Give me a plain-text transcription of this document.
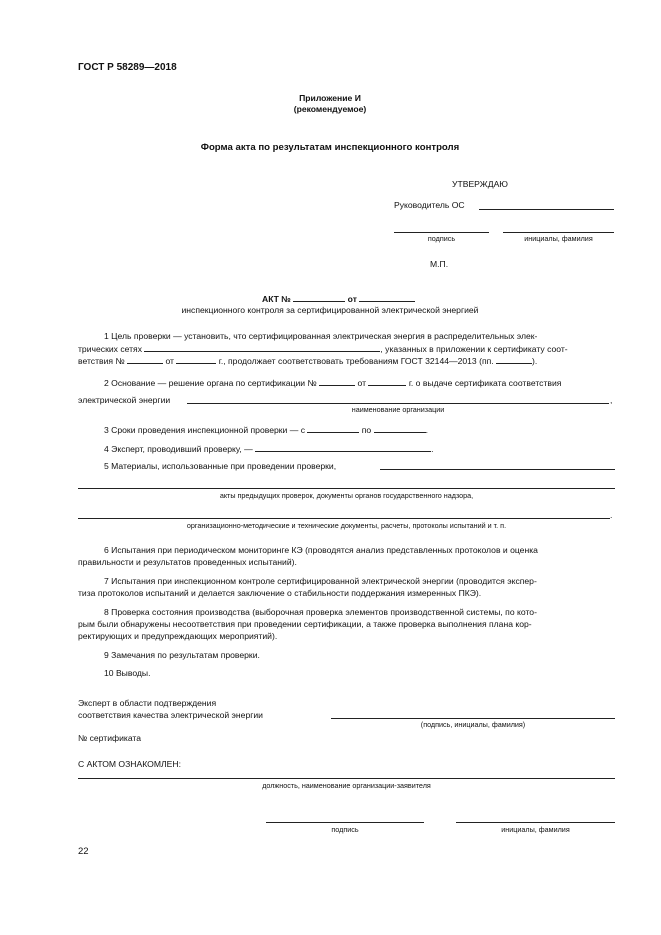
ГОСТ Р 58289—2018
Приложение И
(рекомендуемое)
Форма акта по результатам инспекционного контроля
УТВЕРЖДАЮ
Руководитель ОС
подпись	инициалы, фамилия
М.П.
АКТ №	от
инспекционного контроля за сертифицированной электрической энергией
1 Цель проверки — установить, что сертифицированная электрическая энергия в распределительных элек-
трических сетях	, указанных в приложении к сертификату соот-
ветствия №	от	г., продолжает соответствовать требованиям ГОСТ 32144—2013 (пп.	).
2 Основание — решение органа по сертификации №	от	г. о выдаче сертификата соответствия
электрической энергии	,
наименование организации
3 Сроки проведения инспекционной проверки — с	по	.
4 Эксперт, проводивший проверку, —	.
5 Материалы, использованные при проведении проверки,
акты предыдущих проверок, документы органов государственного надзора,
.
организационно-методические и технические документы, расчеты, протоколы испытаний и т. п.
6 Испытания при периодическом мониторинге КЭ (проводятся анализ представленных протоколов и оценка
правильности и результатов проведенных испытаний).
7 Испытания при инспекционном контроле сертифицированной электрической энергии (проводится экспер-
тиза протоколов испытаний и делается заключение о стабильности поддержания измеренных ПКЭ).
8 Проверка состояния производства (выборочная проверка элементов производственной системы, по кото-
рым были обнаружены несоответствия при проведении сертификации, а также проверка выполнения плана кор-
ректирующих и предупреждающих мероприятий).
9 Замечания по результатам проверки.
10 Выводы.
Эксперт в области подтверждения
соответствия качества электрической энергии
(подпись, инициалы, фамилия)
№ сертификата
С АКТОМ ОЗНАКОМЛЕН:
должность, наименование организации-заявителя
подпись	инициалы, фамилия
22
